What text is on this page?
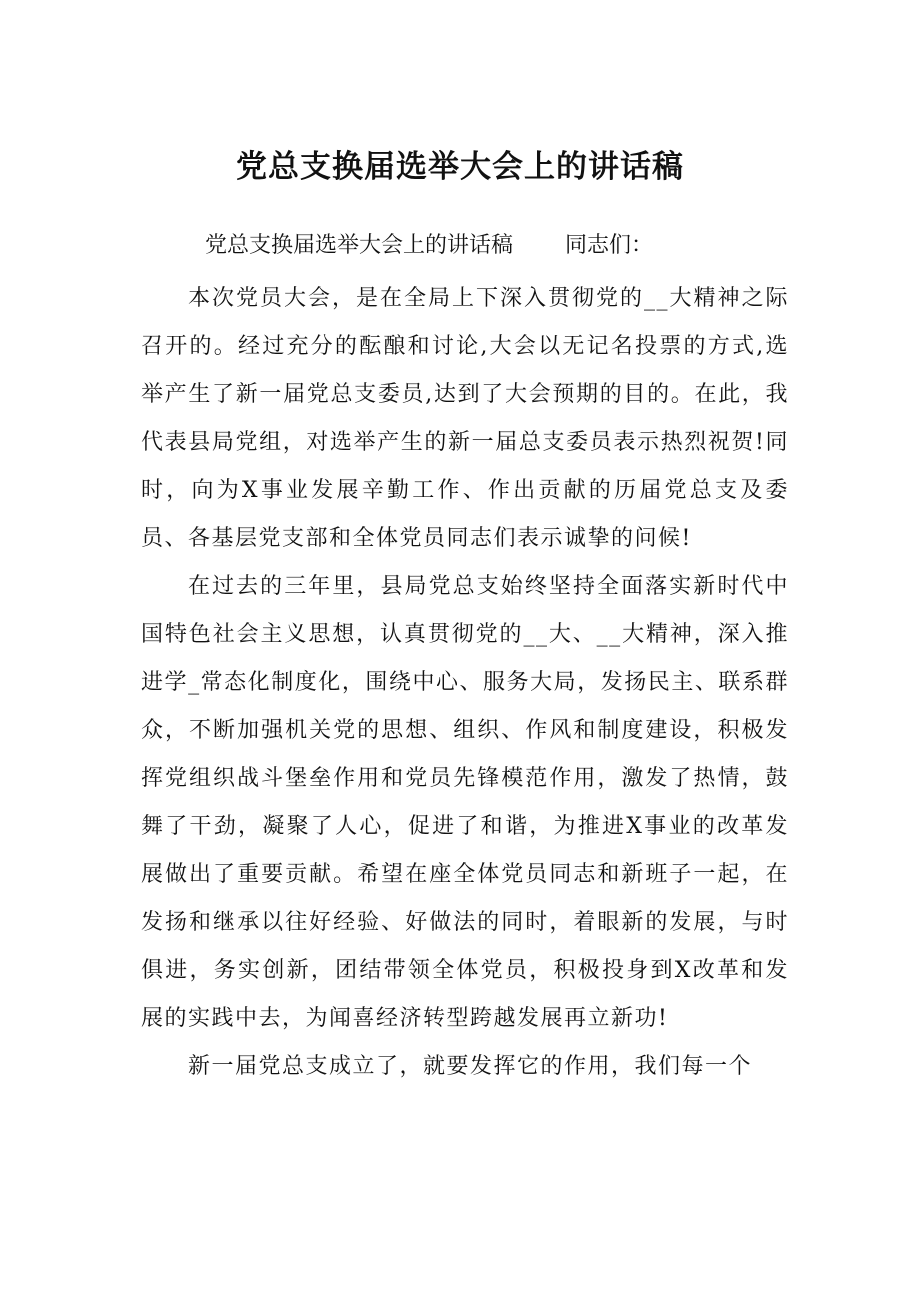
党总支换届选举大会上的讲话稿
党总支换届选举大会上的讲话稿 同志们：

本次党员大会，是在全局上下深入贯彻党的__大精神之际召开的。经过充分的酝酿和讨论,大会以无记名投票的方式,选举产生了新一届党总支委员,达到了大会预期的目的。在此，我代表县局党组，对选举产生的新一届总支委员表示热烈祝贺!同时，向为X事业发展辛勤工作、作出贡献的历届党总支及委员、各基层党支部和全体党员同志们表示诚挚的问候!

在过去的三年里，县局党总支始终坚持全面落实新时代中国特色社会主义思想，认真贯彻党的__大、__大精神，深入推进学_常态化制度化，围绕中心、服务大局，发扬民主、联系群众，不断加强机关党的思想、组织、作风和制度建设，积极发挥党组织战斗堡垒作用和党员先锋模范作用，激发了热情，鼓舞了干劲，凝聚了人心，促进了和谐，为推进X事业的改革发展做出了重要贡献。希望在座全体党员同志和新班子一起，在发扬和继承以往好经验、好做法的同时，着眼新的发展，与时俱进，务实创新，团结带领全体党员，积极投身到X改革和发展的实践中去，为闻喜经济转型跨越发展再立新功!

新一届党总支成立了，就要发挥它的作用，我们每一个
